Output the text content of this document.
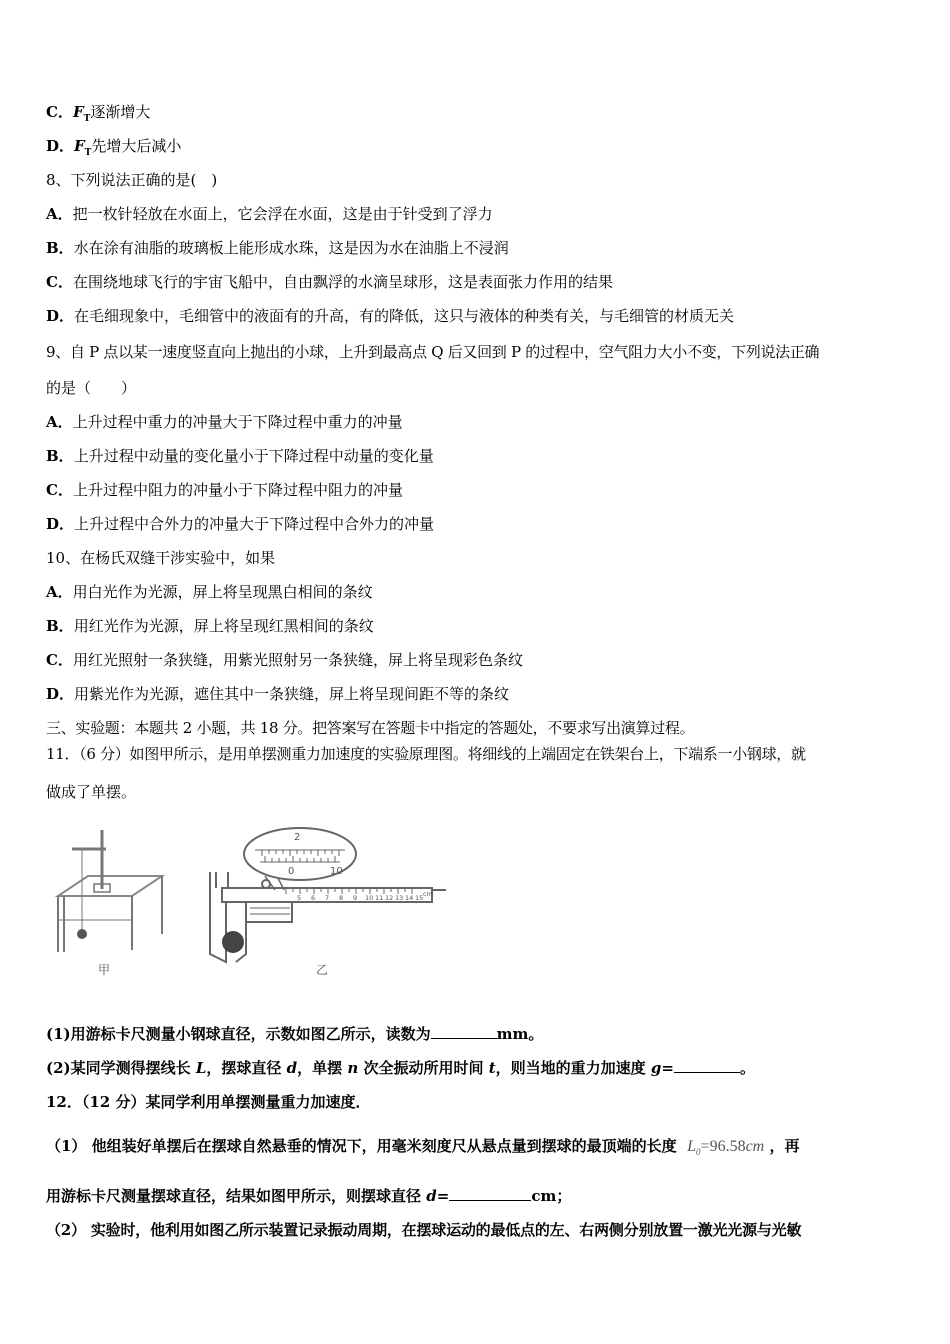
C．$F_T$逐渐增大
D．$F_T$先增大后减小
8、下列说法正确的是(　)
A．把一枚针轻放在水面上，它会浮在水面，这是由于针受到了浮力
B．水在涂有油脂的玻璃板上能形成水珠，这是因为水在油脂上不浸润
C．在围绕地球飞行的宇宙飞船中，自由飘浮的水滴呈球形，这是表面张力作用的结果
D．在毛细现象中，毛细管中的液面有的升高，有的降低，这只与液体的种类有关，与毛细管的材质无关
9、自 P 点以某一速度竖直向上抛出的小球，上升到最高点 Q 后又回到 P 的过程中，空气阻力大小不变，下列说法正确
的是（　　）
A．上升过程中重力的冲量大于下降过程中重力的冲量
B．上升过程中动量的变化量小于下降过程中动量的变化量
C．上升过程中阻力的冲量小于下降过程中阻力的冲量
D．上升过程中合外力的冲量大于下降过程中合外力的冲量
10、在杨氏双缝干涉实验中，如果
A．用白光作为光源，屏上将呈现黑白相间的条纹
B．用红光作为光源，屏上将呈现红黑相间的条纹
C．用红光照射一条狭缝，用紫光照射另一条狭缝，屏上将呈现彩色条纹
D．用紫光作为光源，遮住其中一条狭缝，屏上将呈现间距不等的条纹
三、实验题：本题共 2 小题，共 18 分。把答案写在答题卡中指定的答题处，不要求写出演算过程。
11．（6 分）如图甲所示，是用单摆测重力加速度的实验原理图。将细线的上端固定在铁架台上，下端系一小钢球，就
做成了单摆。
甲
2
0	10
5 6 7 8 9 10 11 12 13 14 15 cm
乙
(1)用游标卡尺测量小钢球直径，示数如图乙所示，读数为	mm。
(2)某同学测得摆线长 L，摆球直径 d，单摆 n 次全振动所用时间 t，则当地的重力加速度 g=	。
12．（12 分）某同学利用单摆测量重力加速度．
（1） 他组装好单摆后在摆球自然悬垂的情况下，用毫米刻度尺从悬点量到摆球的最顶端的长度 $L_0=96.58cm$ ，再
用游标卡尺测量摆球直径，结果如图甲所示，则摆球直径 d=	cm；
（2） 实验时，他利用如图乙所示装置记录振动周期，在摆球运动的最低点的左、右两侧分别放置一激光光源与光敏
